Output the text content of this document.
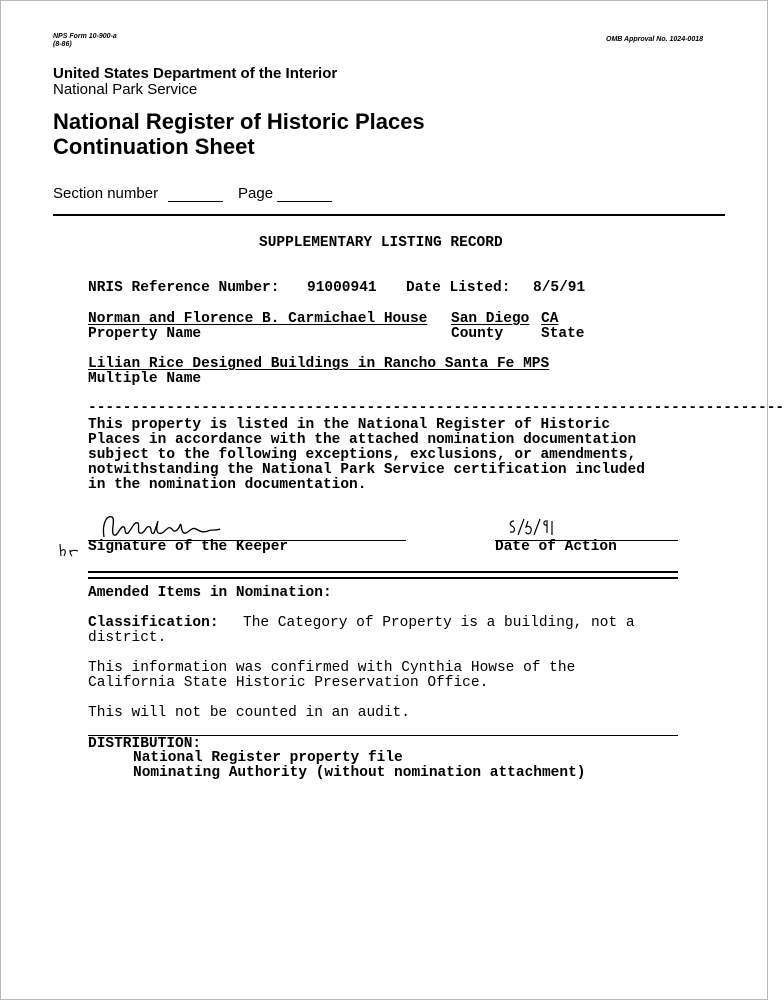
NPS Form 10-900-a
(8-86)
OMB Approval No. 1024-0018
United States Department of the Interior
National Park Service
National Register of Historic Places
Continuation Sheet
Section number	Page
SUPPLEMENTARY LISTING RECORD
NRIS Reference Number: 91000941 Date Listed: 8/5/91
Norman and Florence B. Carmichael House San Diego CA
Property Name	County	State
Lilian Rice Designed Buildings in Rancho Santa Fe MPS
Multiple Name
--------------------------------------------------------------------------------
This property is listed in the National Register of Historic
Places in accordance with the attached nomination documentation
subject to the following exceptions, exclusions, or amendments,
notwithstanding the National Park Service certification included
in the nomination documentation.
Signature of the Keeper	Date of Action
Amended Items in Nomination:
Classification: The Category of Property is a building, not a
district.
This information was confirmed with Cynthia Howse of the
California State Historic Preservation Office.
This will not be counted in an audit.
DISTRIBUTION:
National Register property file
Nominating Authority (without nomination attachment)
